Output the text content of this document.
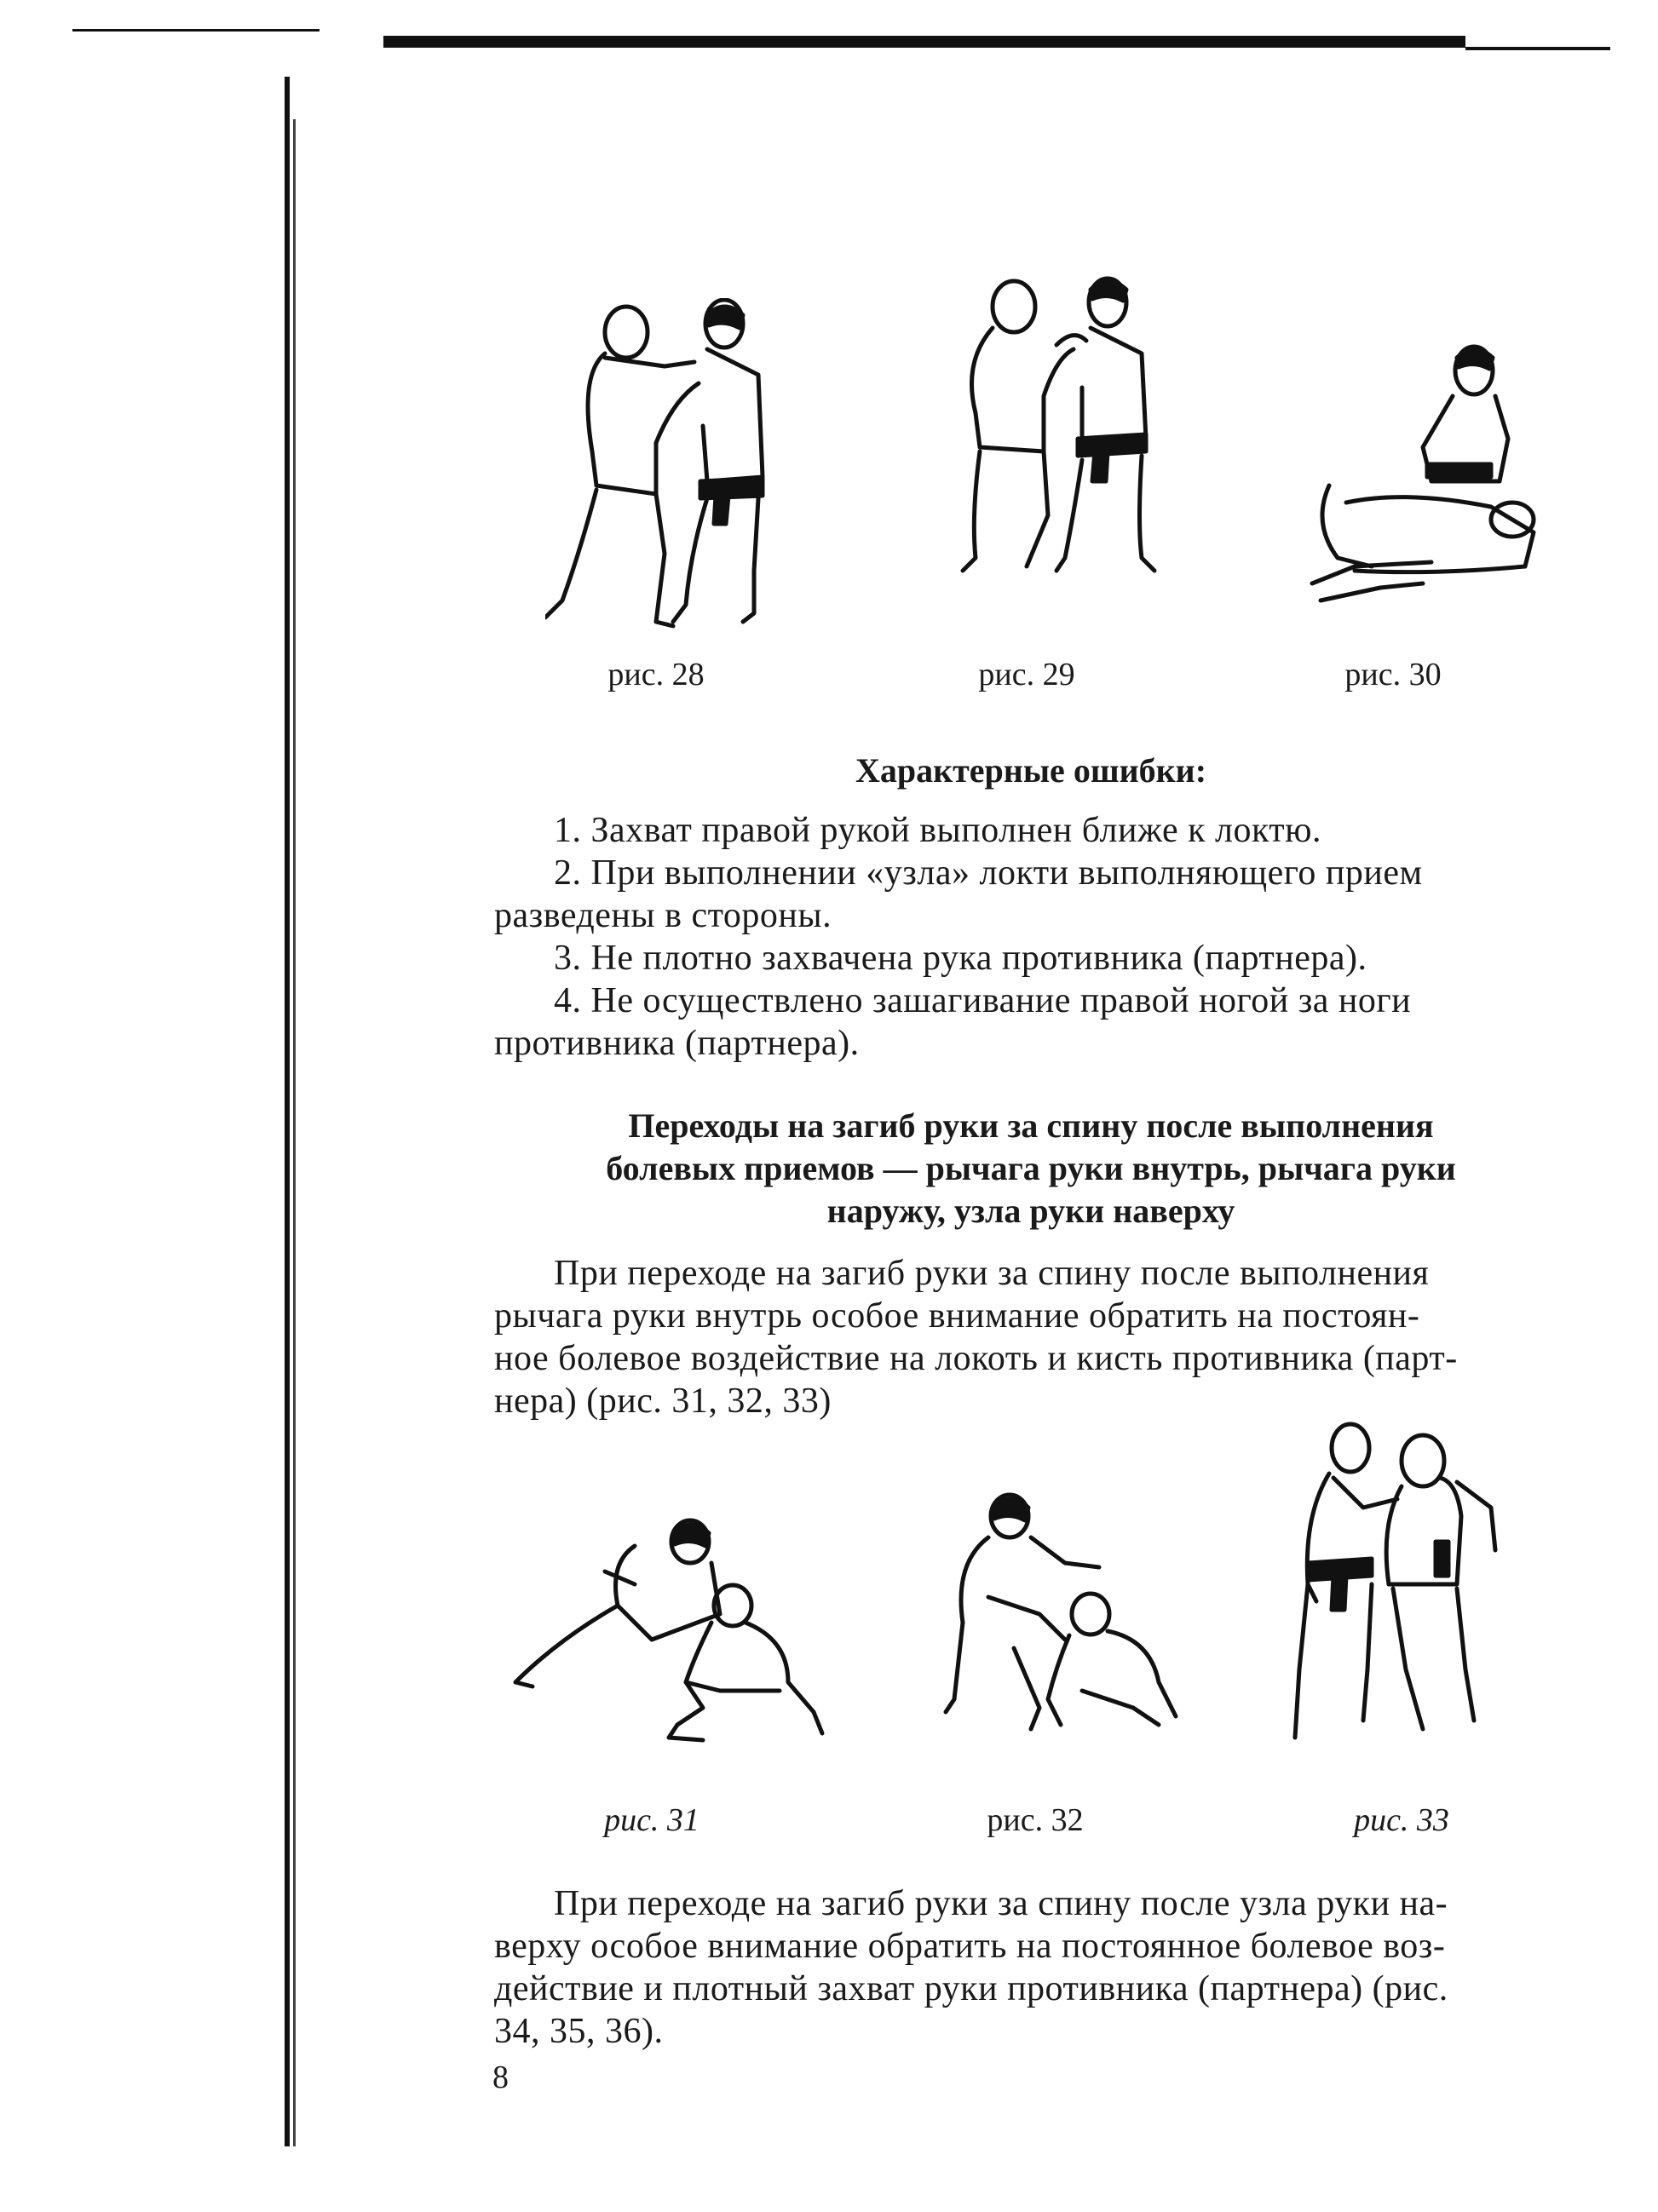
рис. 28	рис. 29	рис. 30
Характерные ошибки:
1. Захват правой рукой выполнен ближе к локтю.
2. При выполнении «узла» локти выполняющего прием
разведены в стороны.
3. Не плотно захвачена рука противника (партнера).
4. Не осуществлено зашагивание правой ногой за ноги
противника (партнера).
Переходы на загиб руки за спину после выполнения
болевых приемов — рычага руки внутрь, рычага руки
наружу, узла руки наверху
При переходе на загиб руки за спину после выполнения
рычага руки внутрь особое внимание обратить на постоян-
ное болевое воздействие на локоть и кисть противника (парт-
нера) (рис. 31, 32, 33)
рис. 31	рис. 32	рис. 33
При переходе на загиб руки за спину после узла руки на-
верху особое внимание обратить на постоянное болевое воз-
действие и плотный захват руки противника (партнера) (рис.
34, 35, 36).
8
